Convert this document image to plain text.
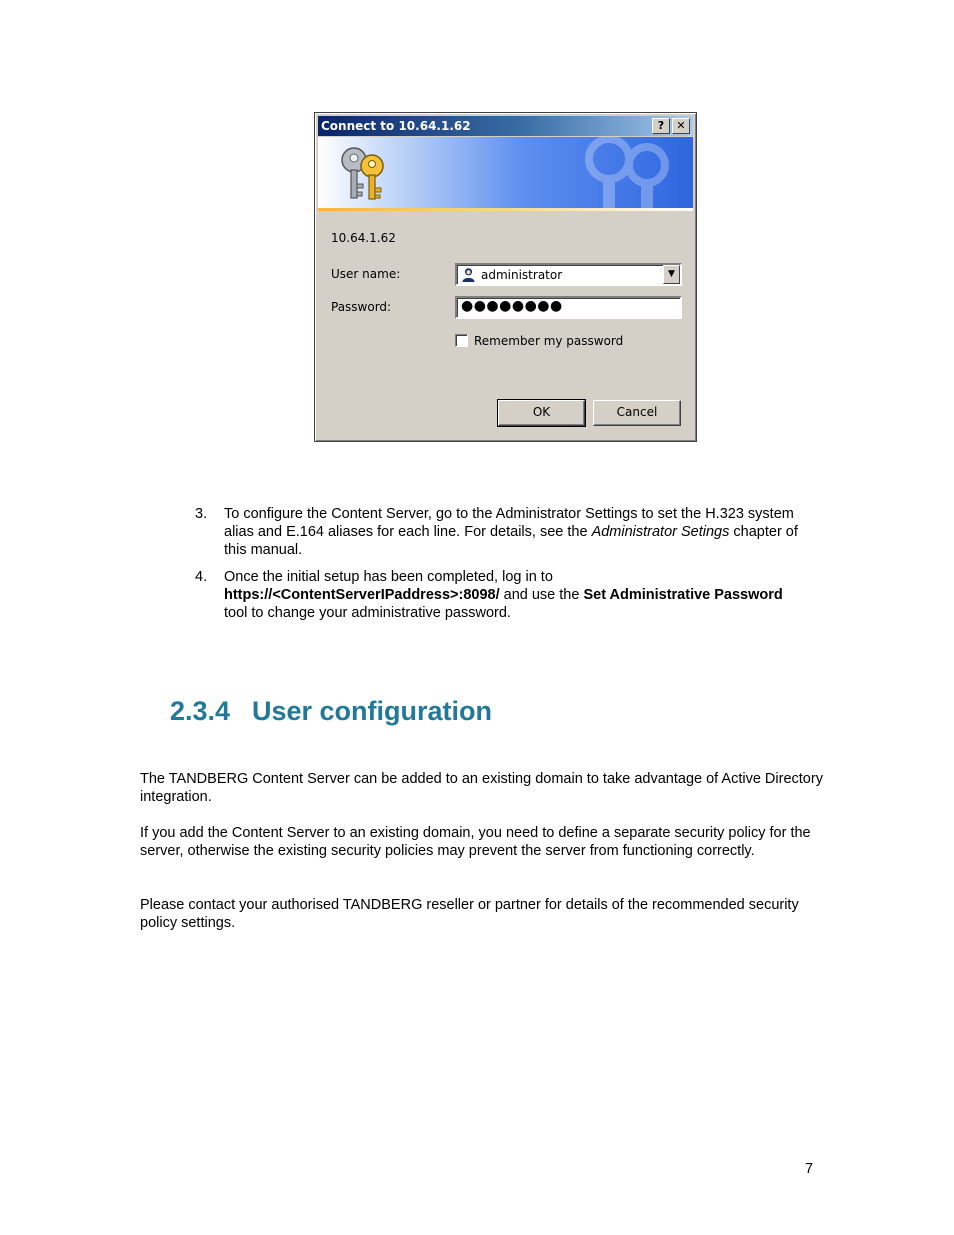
Connect to 10.64.1.62	?	✕
10.64.1.62
User name:	administrator	▼
Password:	●●●●●●●●
Remember my password
OK	Cancel
3. To configure the Content Server, go to the Administrator Settings to set the H.323 system alias and E.164 aliases for each line. For details, see the Administrator Setings chapter of this manual.
4. Once the initial setup has been completed, log in to https://<ContentServerIPaddress>:8098/ and use the Set Administrative Password tool to change your administrative password.
2.3.4 User configuration

The TANDBERG Content Server can be added to an existing domain to take advantage of Active Directory integration.

If you add the Content Server to an existing domain, you need to define a separate security policy for the server, otherwise the existing security policies may prevent the server from functioning correctly.

Please contact your authorised TANDBERG reseller or partner for details of the recommended security policy settings.

7
